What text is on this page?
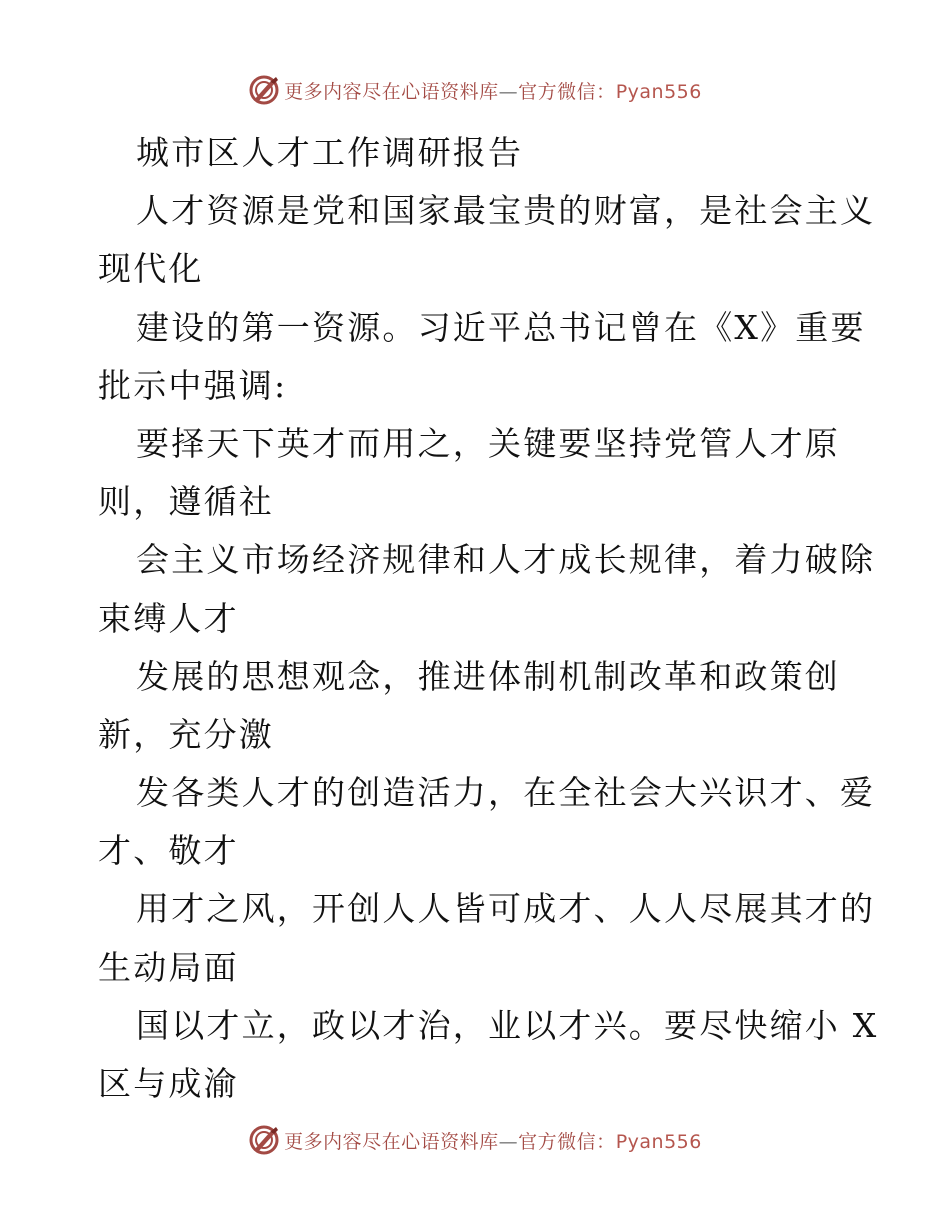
更多内容尽在心语资料库—官方微信：Pyan556
城市区人才工作调研报告
人才资源是党和国家最宝贵的财富，是社会主义
现代化
建设的第一资源。习近平总书记曾在《X》重要
批示中强调:
要择天下英才而用之，关键要坚持党管人才原
则，遵循社
会主义市场经济规律和人才成长规律，着力破除
束缚人才
发展的思想观念，推进体制机制改革和政策创
新，充分激
发各类人才的创造活力，在全社会大兴识才、爱
才、敬才
用才之风，开创人人皆可成才、人人尽展其才的
生动局面
国以才立，政以才治，业以才兴。要尽快缩小 X
区与成渝
更多内容尽在心语资料库—官方微信：Pyan556
